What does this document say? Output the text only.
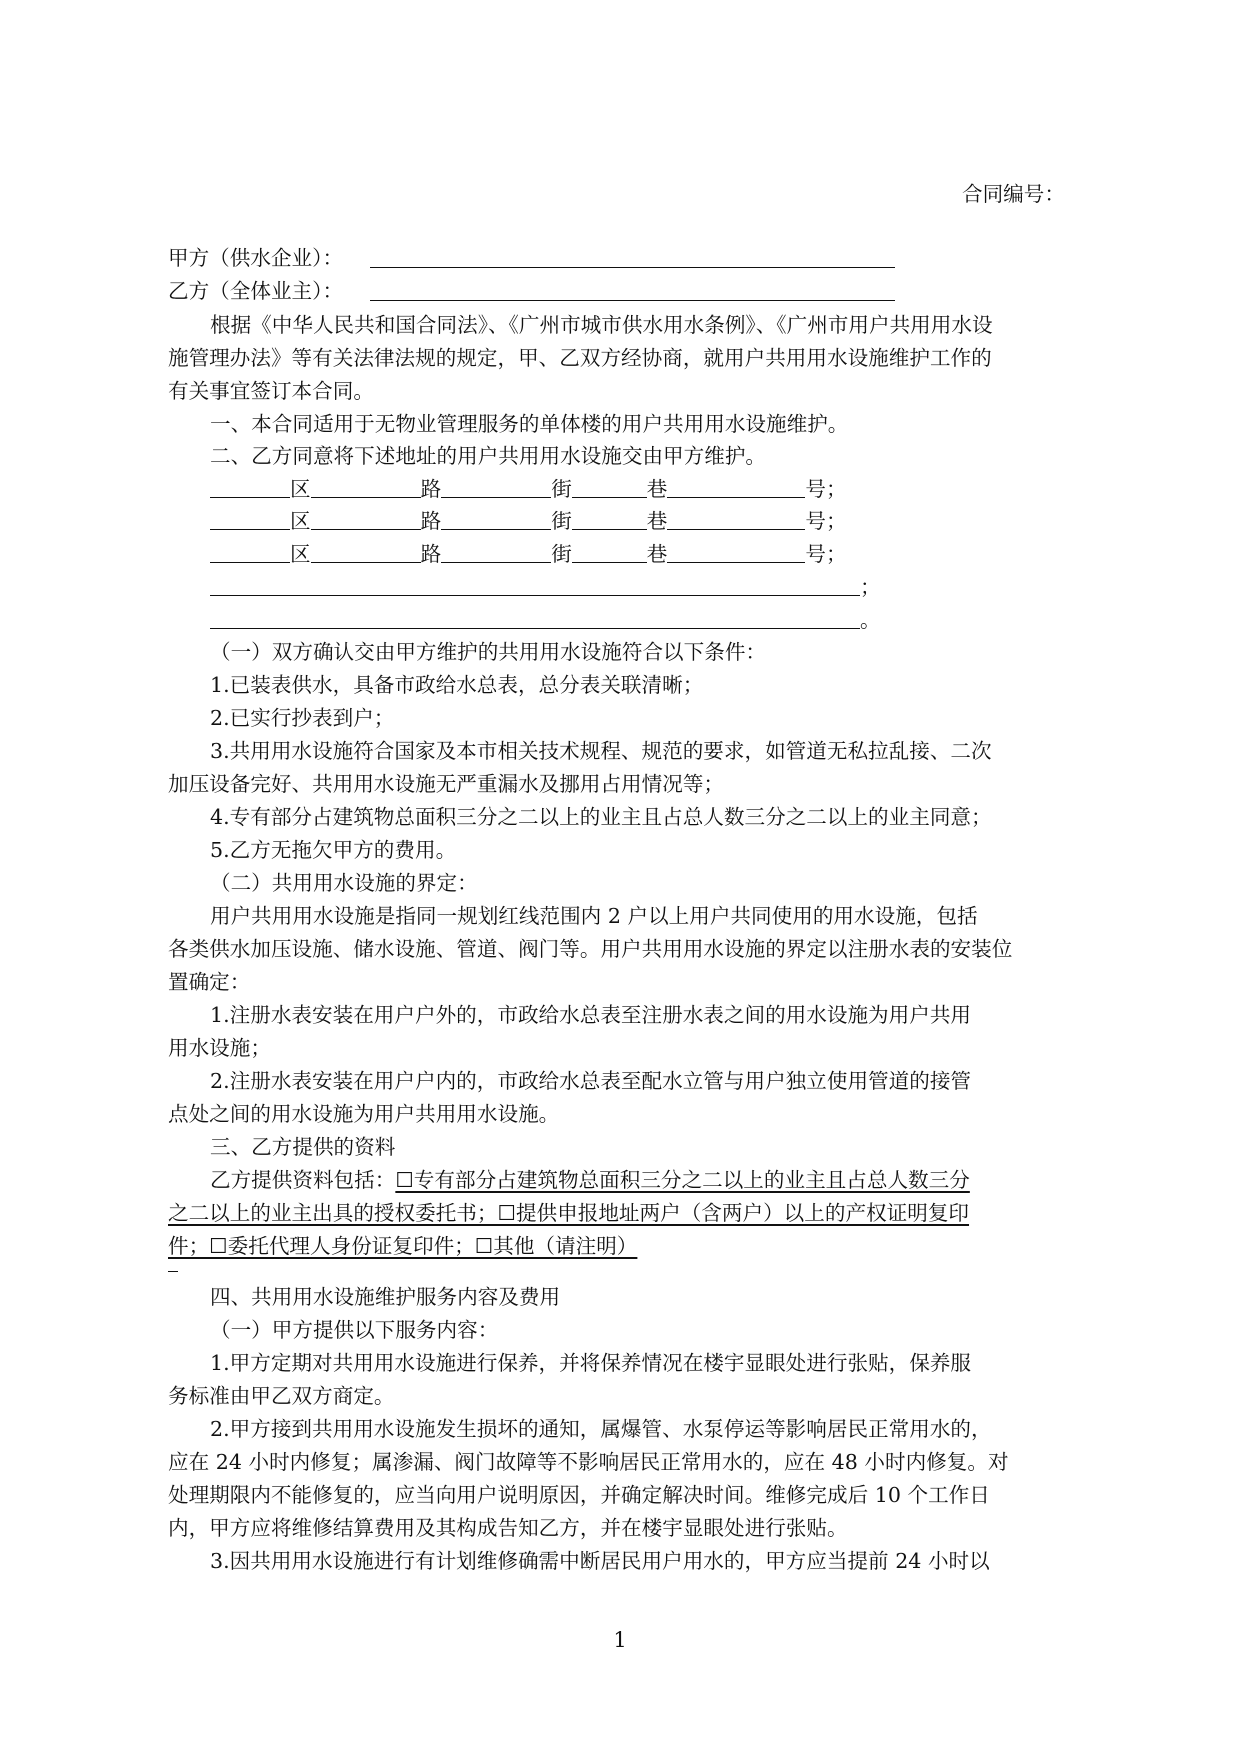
合同编号：
甲方（供水企业）：
乙方（全体业主）：
根据《中华人民共和国合同法》、《广州市城市供水用水条例》、《广州市用户共用用水设
施管理办法》等有关法律法规的规定，甲、乙双方经协商，就用户共用用水设施维护工作的
有关事宜签订本合同。
一、本合同适用于无物业管理服务的单体楼的用户共用用水设施维护。
二、乙方同意将下述地址的用户共用用水设施交由甲方维护。
区	路	街	巷	号；
区	路	街	巷	号；
区	路	街	巷	号；
；
。
（一）双方确认交由甲方维护的共用用水设施符合以下条件：
1.已装表供水，具备市政给水总表，总分表关联清晰；
2.已实行抄表到户；
3.共用用水设施符合国家及本市相关技术规程、规范的要求，如管道无私拉乱接、二次
加压设备完好、共用用水设施无严重漏水及挪用占用情况等；
4.专有部分占建筑物总面积三分之二以上的业主且占总人数三分之二以上的业主同意；
5.乙方无拖欠甲方的费用。
（二）共用用水设施的界定：
用户共用用水设施是指同一规划红线范围内 2 户以上用户共同使用的用水设施，包括
各类供水加压设施、储水设施、管道、阀门等。用户共用用水设施的界定以注册水表的安装位
置确定：
1.注册水表安装在用户户外的，市政给水总表至注册水表之间的用水设施为用户共用
用水设施；
2.注册水表安装在用户户内的，市政给水总表至配水立管与用户独立使用管道的接管
点处之间的用水设施为用户共用用水设施。
三、乙方提供的资料
乙方提供资料包括：☐专有部分占建筑物总面积三分之二以上的业主且占总人数三分
之二以上的业主出具的授权委托书；☐提供申报地址两户（含两户）以上的产权证明复印
件；☐委托代理人身份证复印件；☐其他（请注明）
四、共用用水设施维护服务内容及费用
（一）甲方提供以下服务内容：
1.甲方定期对共用用水设施进行保养，并将保养情况在楼宇显眼处进行张贴，保养服
务标准由甲乙双方商定。
2.甲方接到共用用水设施发生损坏的通知，属爆管、水泵停运等影响居民正常用水的，
应在 24 小时内修复；属渗漏、阀门故障等不影响居民正常用水的，应在 48 小时内修复。对
处理期限内不能修复的，应当向用户说明原因，并确定解决时间。维修完成后 10 个工作日
内，甲方应将维修结算费用及其构成告知乙方，并在楼宇显眼处进行张贴。
3.因共用用水设施进行有计划维修确需中断居民用户用水的，甲方应当提前 24 小时以
1
